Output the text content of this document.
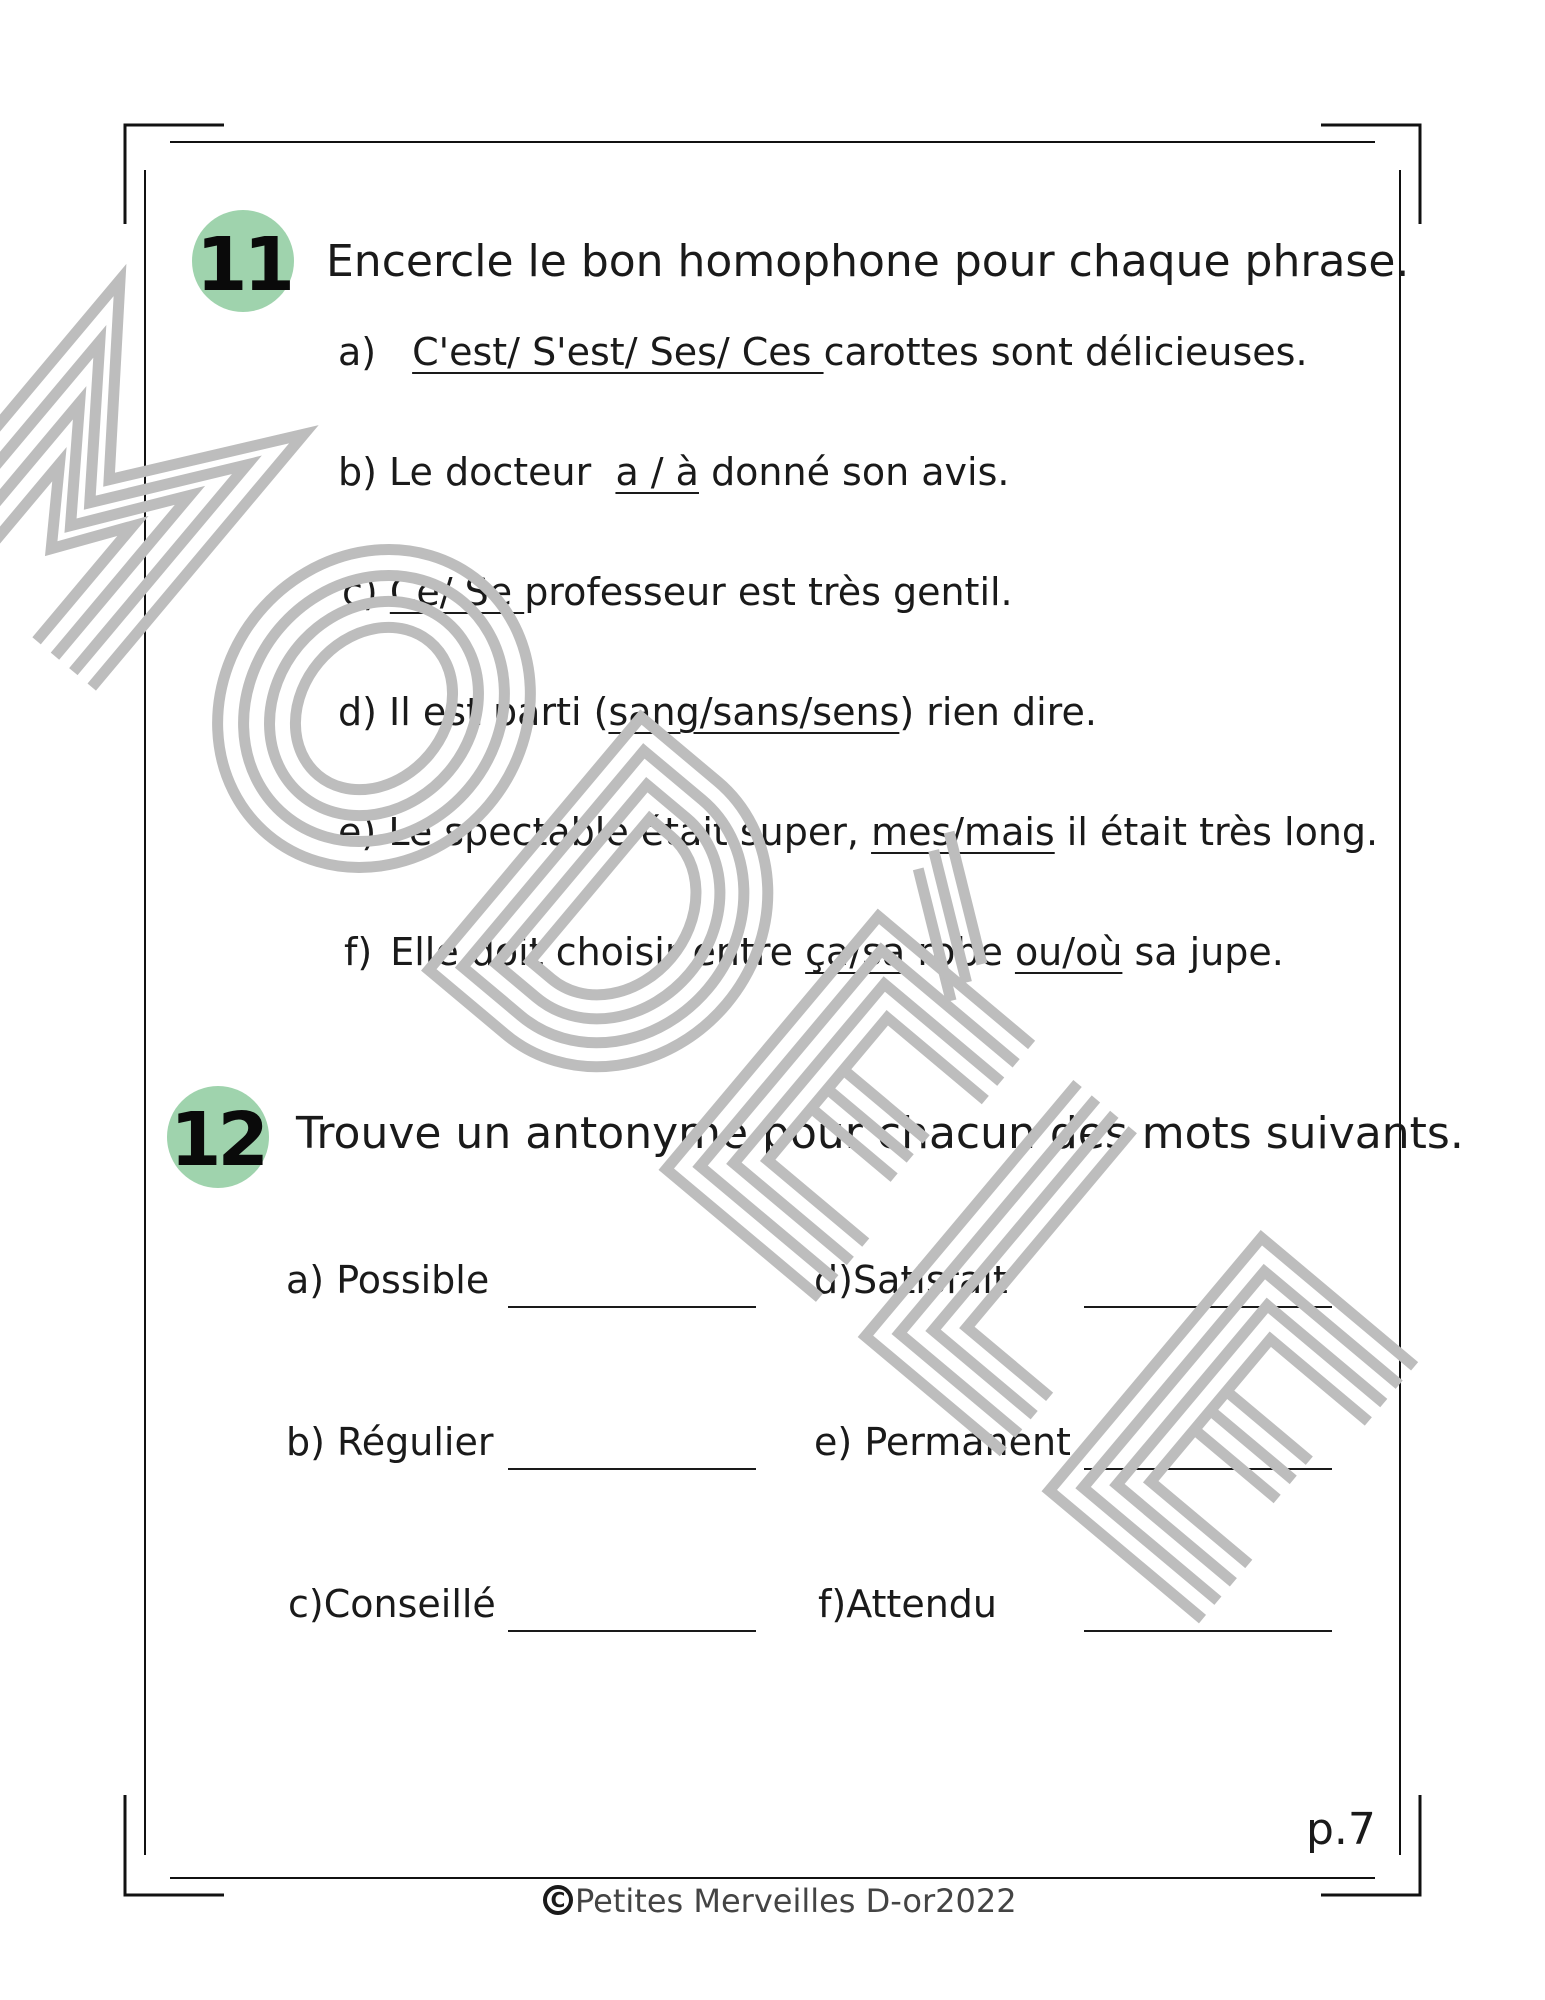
11 Encercle le bon homophone pour chaque phrase.
a) C'est/ S'est/ Ses/ Ces carottes sont délicieuses.
b) Le docteur  a / à donné son avis.
c) Ce/ Se professeur est très gentil.
d) Il est parti (sang/sans/sens) rien dire.
e) Le spectable était super, mes/mais il était très long.
f) Elle doit choisir entre ça/sa robe ou/où sa jupe.
12 Trouve un antonyme pour chacun des mots suivants.
a) Possible
b) Régulier
c)Conseillé
d)Satisfait
e) Permanent
f)Attendu
p.7
C Petites Merveilles D-or2022
